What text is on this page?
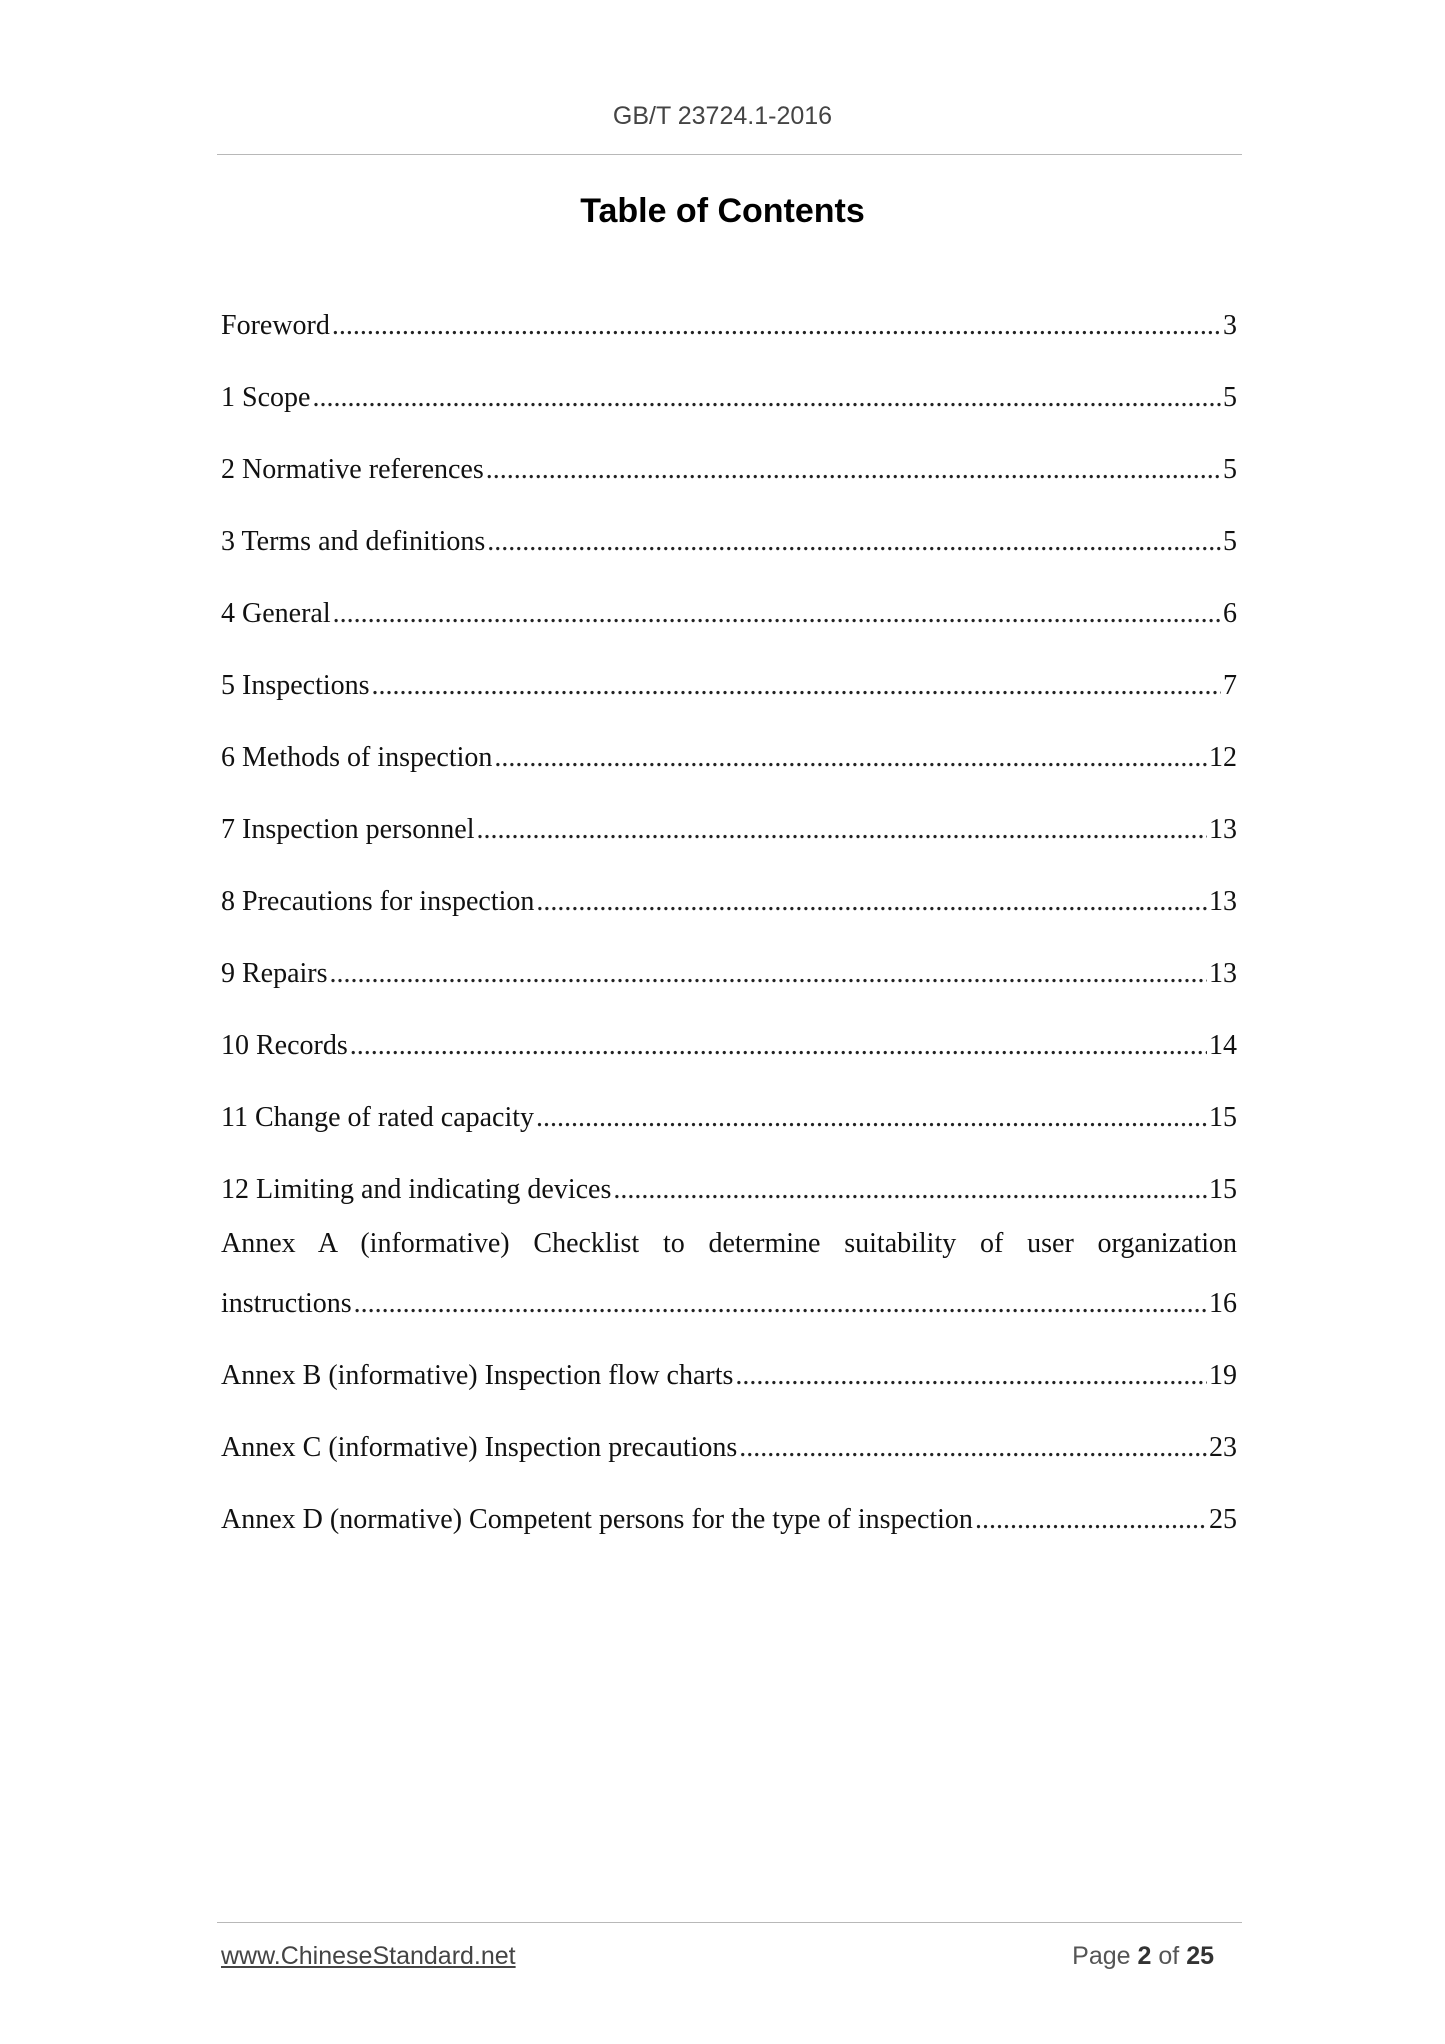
GB/T 23724.1-2016
Table of Contents
Foreword .....	3
1 Scope .....	5
2 Normative references .....	5
3 Terms and definitions .....	5
4 General .....	6
5 Inspections .....	7
6 Methods of inspection .....	12
7 Inspection personnel .....	13
8 Precautions for inspection .....	13
9 Repairs .....	13
10 Records .....	14
11 Change of rated capacity .....	15
12 Limiting and indicating devices .....	15
Annex A (informative) Checklist to determine suitability of user organization
instructions .....	16
Annex B (informative) Inspection flow charts .....	19
Annex C (informative) Inspection precautions .....	23
Annex D (normative) Competent persons for the type of inspection .....	25
www.ChineseStandard.net	Page 2 of 25
